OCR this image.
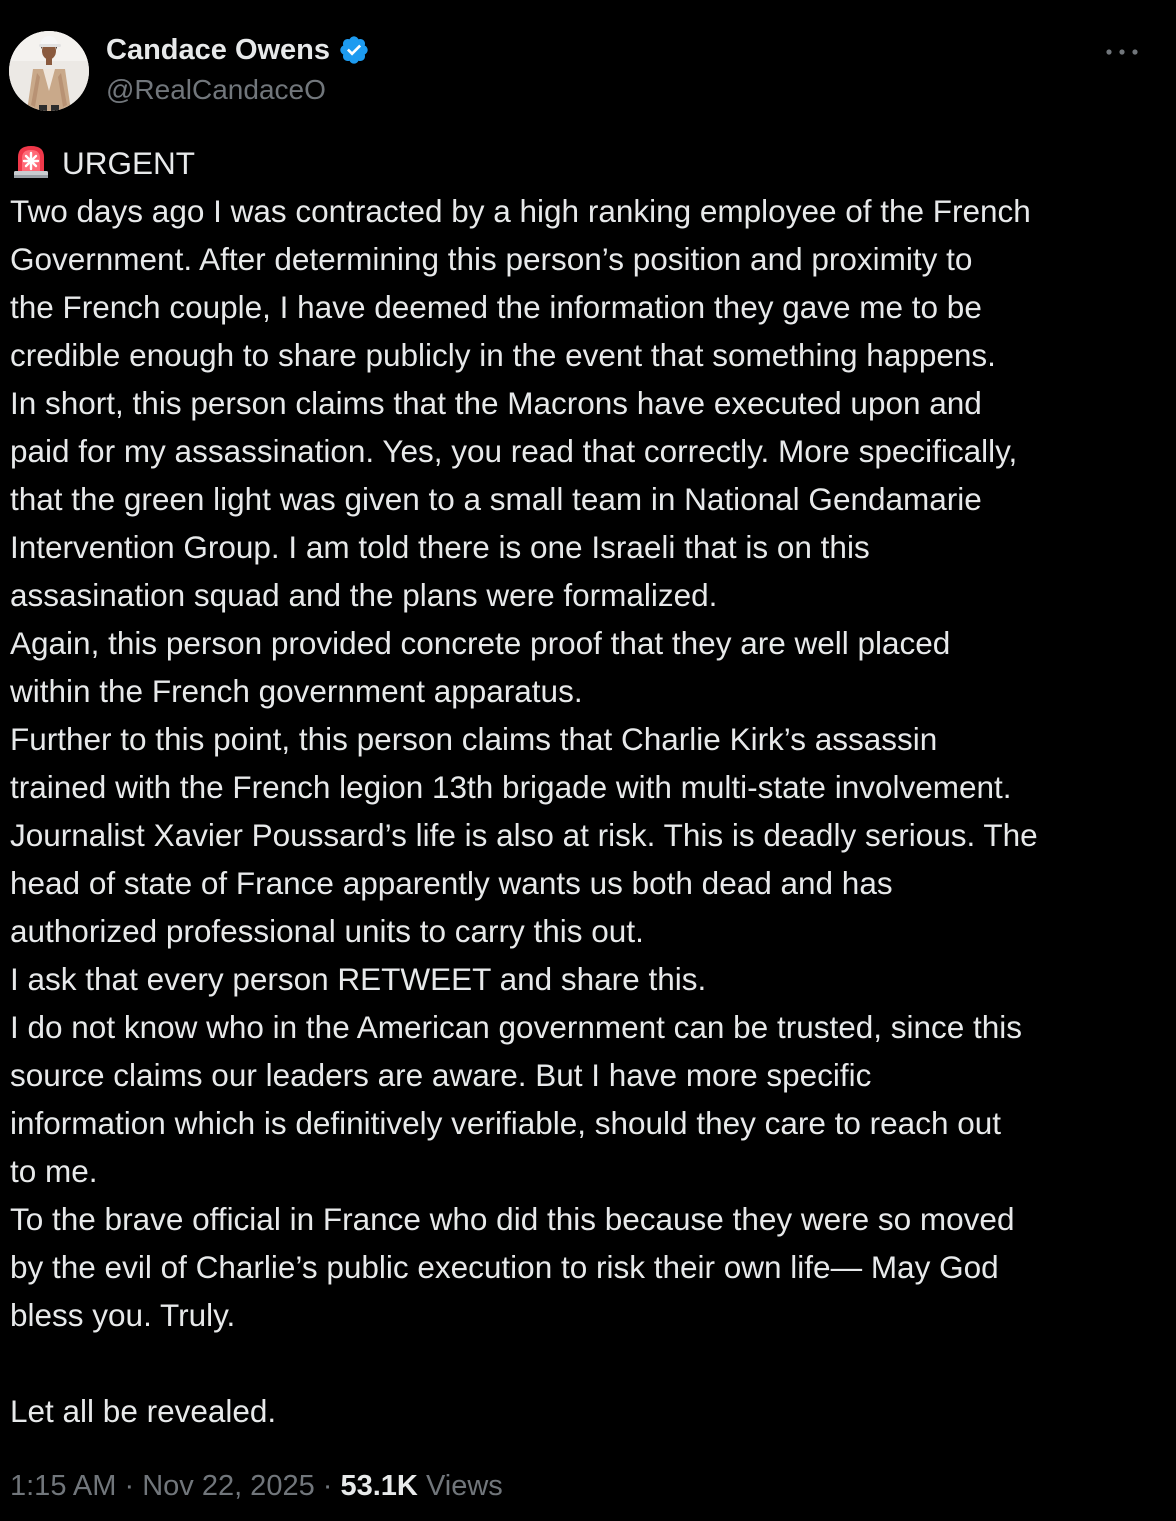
Candace Owens
@RealCandaceO
URGENT
Two days ago I was contracted by a high ranking employee of the French
Government. After determining this person’s position and proximity to
the French couple, I have deemed the information they gave me to be
credible enough to share publicly in the event that something happens.
In short, this person claims that the Macrons have executed upon and
paid for my assassination. Yes, you read that correctly. More specifically,
that the green light was given to a small team in National Gendamarie
Intervention Group. I am told there is one Israeli that is on this
assasination squad and the plans were formalized.
Again, this person provided concrete proof that they are well placed
within the French government apparatus.
Further to this point, this person claims that Charlie Kirk’s assassin
trained with the French legion 13th brigade with multi-state involvement.
Journalist Xavier Poussard’s life is also at risk. This is deadly serious. The
head of state of France apparently wants us both dead and has
authorized professional units to carry this out.
I ask that every person RETWEET and share this.
I do not know who in the American government can be trusted, since this
source claims our leaders are aware. But I have more specific
information which is definitively verifiable, should they care to reach out
to me.
To the brave official in France who did this because they were so moved
by the evil of Charlie’s public execution to risk their own life— May God
bless you. Truly.
Let all be revealed.
1:15 AM · Nov 22, 2025 · 53.1K Views
